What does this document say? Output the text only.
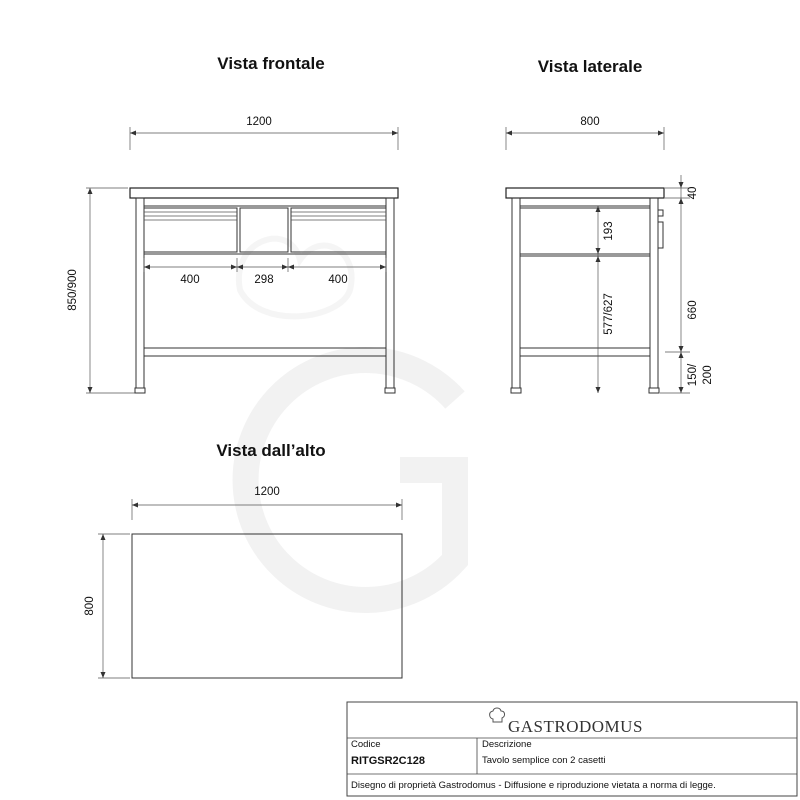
Vista frontale
1200
850/900	400	298	400
Vista laterale
800
193
577/627
40
660
150/ 200
Vista dall’alto
1200
800
GASTRODOMUS
Codice
RITGSR2C128
Descrizione
Tavolo semplice con 2 casetti
Disegno di proprietà Gastrodomus - Diffusione e riproduzione vietata a norma di legge.
